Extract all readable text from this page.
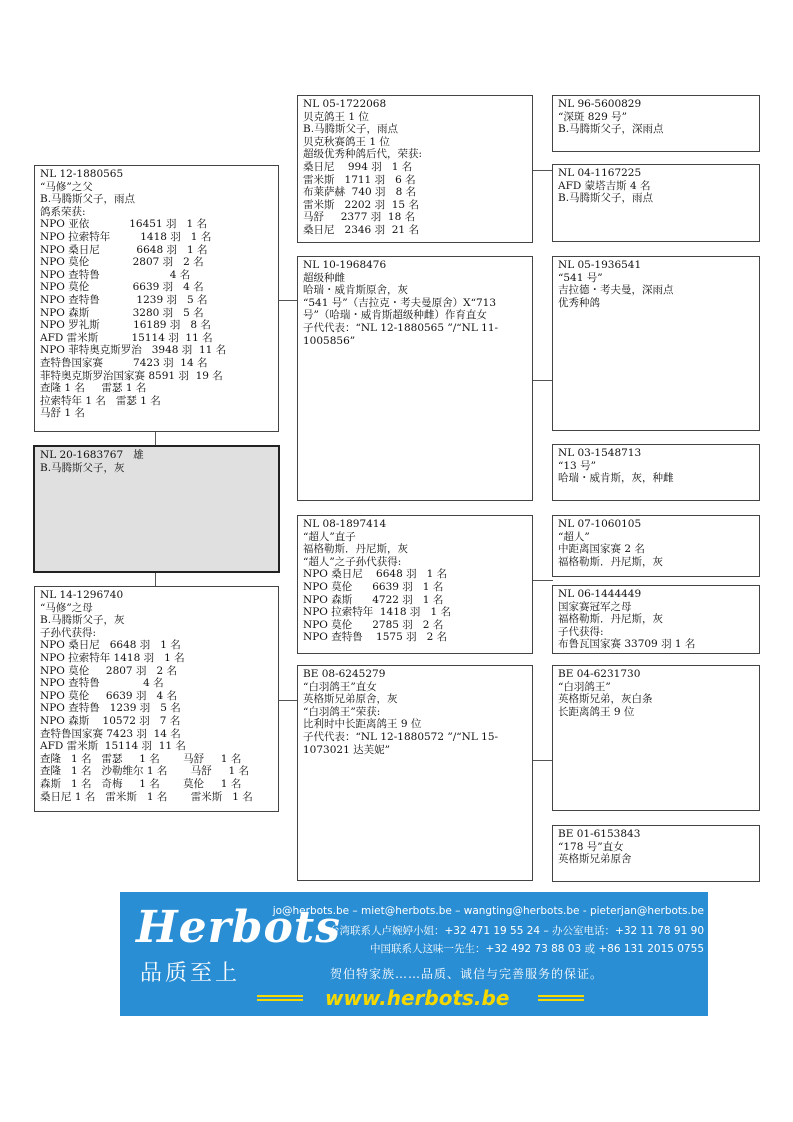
NL 12-1880565
“马修”之父
B.马腾斯父子，雨点
鸽系荣获:
NPO 亚依            16451 羽   1 名
NPO 拉索特年         1418 羽   1 名
NPO 桑日尼           6648 羽   1 名
NPO 莫伦             2807 羽   2 名
NPO 查特鲁                     4 名
NPO 莫伦             6639 羽   4 名
NPO 查特鲁           1239 羽   5 名
NPO 森斯             3280 羽   5 名
NPO 罗礼斯          16189 羽   8 名
AFD 雷米斯          15114 羽  11 名
NPO 菲特奥克斯罗治   3948 羽  11 名
查特鲁国家赛         7423 羽  14 名
菲特奥克斯罗治国家赛 8591 羽  19 名
查隆 1 名     雷瑟 1 名
拉索特年 1 名   雷瑟 1 名
马舒 1 名
NL 20-1683767   雄
B.马腾斯父子，灰
NL 14-1296740
“马修”之母
B.马腾斯父子，灰
子孙代获得:
NPO 桑日尼   6648 羽   1 名
NPO 拉索特年 1418 羽   1 名
NPO 莫伦     2807 羽   2 名
NPO 查特鲁             4 名
NPO 莫伦     6639 羽   4 名
NPO 查特鲁   1239 羽   5 名
NPO 森斯    10572 羽   7 名
查特鲁国家赛 7423 羽  14 名
AFD 雷米斯  15114 羽  11 名
查隆   1 名   雷瑟     1 名       马舒     1 名
查隆   1 名   沙勒维尔 1 名       马舒     1 名
森斯   1 名   奇梅     1 名       莫伦     1 名
桑日尼 1 名   雷米斯   1 名       雷米斯   1 名
NL 05-1722068
贝克鸽王 1 位
B.马腾斯父子，雨点
贝克秋赛鸽王 1 位
超级优秀种鸽后代，荣获:
桑日尼    994 羽   1 名
雷米斯   1711 羽   6 名
布莱萨赫  740 羽   8 名
雷米斯   2202 羽  15 名
马舒     2377 羽  18 名
桑日尼   2346 羽  21 名
NL 10-1968476
超级种雌
哈瑞・威肯斯原舍，灰
“541 号”（吉拉克・考夫曼原舍）X“713 号”（哈瑞・威肯斯超级种雌）作育直女
子代代表：“NL 12-1880565 ”/“NL 11-1005856”
NL 08-1897414
“超人”直子
福格勒斯．丹尼斯，灰
“超人”之子孙代获得:
NPO 桑日尼    6648 羽   1 名
NPO 莫伦      6639 羽   1 名
NPO 森斯      4722 羽   1 名
NPO 拉索特年  1418 羽   1 名
NPO 莫伦      2785 羽   2 名
NPO 查特鲁    1575 羽   2 名
BE 08-6245279
“白羽鸽王”直女
英格斯兄弟原舍，灰
“白羽鸽王”荣获:
比利时中长距离鸽王 9 位
子代代表：“NL 12-1880572 ”/“NL 15-1073021 达芙妮”
NL 96-5600829
“深斑 829 号”
B.马腾斯父子，深雨点
NL 04-1167225
AFD 蒙塔吉斯 4 名
B.马腾斯父子，雨点
NL 05-1936541
“541 号”
吉拉德・考夫曼，深雨点
优秀种鸽
NL 03-1548713
“13 号”
哈瑞・威肯斯，灰，种雌
NL 07-1060105
“超人”
中距离国家赛 2 名
福格勒斯．丹尼斯，灰
NL 06-1444449
国家赛冠军之母
福格勒斯．丹尼斯，灰
子代获得:
布鲁瓦国家赛 33709 羽 1 名
BE 04-6231730
“白羽鸽王”
英格斯兄弟，灰白条
长距离鸽王 9 位
BE 01-6153843
“178 号”直女
英格斯兄弟原舍
Herbots
品质至上
jo@herbots.be – miet@herbots.be – wangting@herbots.be - pieterjan@herbots.be
台湾联系人卢婉婷小姐：+32 471 19 55 24 – 办公室电话：+32 11 78 91 90
中国联系人这味一先生：+32 492 73 88 03 或 +86 131 2015 0755
贺伯特家族……品质、诚信与完善服务的保证。
www.herbots.be
